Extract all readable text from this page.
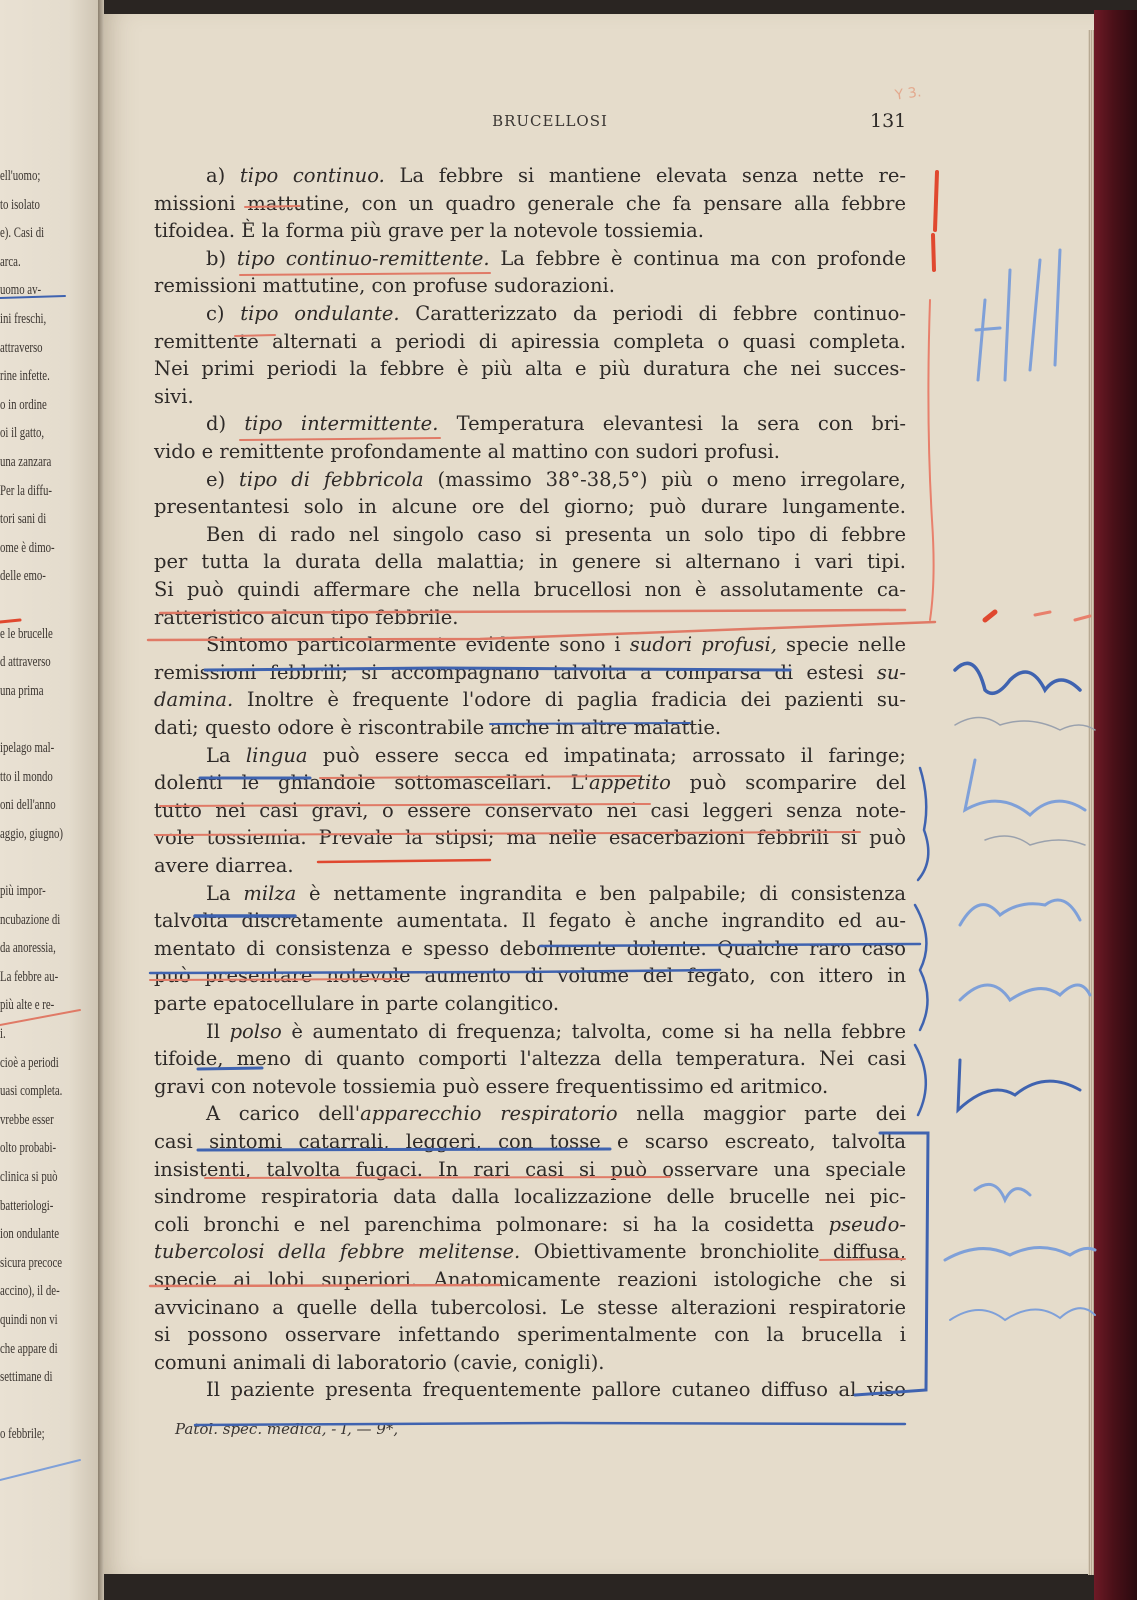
ell'uomo;
to isolato
e). Casi di
arca.
uomo av-
ini freschi,
attraverso
rine infette.
o in ordine
oi il gatto,
una zanzara
Per la diffu-
tori sani di
ome è dimo-
delle emo-
e le brucelle
d attraverso
una prima
ipelago mal-
tto il mondo
oni dell'anno
aggio, giugno)
più impor-
ncubazione di
da anoressia,
La febbre au-
più alte e re-
i.
cioè a periodi
uasi completa.
vrebbe esser
olto probabi-
clinica si può
batteriologi-
ion ondulante
sicura precoce
accino), il de-
quindi non vi
che appare di
settimane di
o febbrile;
BRUCELLOSI	131
Y 3.
a) tipo continuo. La febbre si mantiene elevata senza nette re-
missioni mattutine, con un quadro generale che fa pensare alla febbre
tifoidea. È la forma più grave per la notevole tossiemia.
b) tipo continuo-remittente. La febbre è continua ma con profonde
remissioni mattutine, con profuse sudorazioni.
c) tipo ondulante. Caratterizzato da periodi di febbre continuo-
remittente alternati a periodi di apiressia completa o quasi completa.
Nei primi periodi la febbre è più alta e più duratura che nei succes-
sivi.
d) tipo intermittente. Temperatura elevantesi la sera con bri-
vido e remittente profondamente al mattino con sudori profusi.
e) tipo di febbricola (massimo 38°-38,5°) più o meno irregolare,
presentantesi solo in alcune ore del giorno; può durare lungamente.
Ben di rado nel singolo caso si presenta un solo tipo di febbre
per tutta la durata della malattia; in genere si alternano i vari tipi.
Si può quindi affermare che nella brucellosi non è assolutamente ca-
ratteristico alcun tipo febbrile.
Sintomo particolarmente evidente sono i sudori profusi, specie nelle
remissioni febbrili; si accompagnano talvolta a comparsa di estesi su-
damina. Inoltre è frequente l'odore di paglia fradicia dei pazienti su-
dati; questo odore è riscontrabile anche in altre malattie.
La lingua può essere secca ed impatinata; arrossato il faringe;
dolenti le ghiandole sottomascellari. L'appetito può scomparire del
tutto nei casi gravi, o essere conservato nei casi leggeri senza note-
vole tossiemia. Prevale la stipsi; ma nelle esacerbazioni febbrili si può
avere diarrea.
La milza è nettamente ingrandita e ben palpabile; di consistenza
talvolta discretamente aumentata. Il fegato è anche ingrandito ed au-
mentato di consistenza e spesso debolmente dolente. Qualche raro caso
può presentare notevole aumento di volume del fegato, con ittero in
parte epatocellulare in parte colangitico.
Il polso è aumentato di frequenza; talvolta, come si ha nella febbre
tifoide, meno di quanto comporti l'altezza della temperatura. Nei casi
gravi con notevole tossiemia può essere frequentissimo ed aritmico.
A carico dell'apparecchio respiratorio nella maggior parte dei
casi sintomi catarrali, leggeri, con tosse e scarso escreato, talvolta
insistenti, talvolta fugaci. In rari casi si può osservare una speciale
sindrome respiratoria data dalla localizzazione delle brucelle nei pic-
coli bronchi e nel parenchima polmonare: si ha la cosidetta pseudo-
tubercolosi della febbre melitense. Obiettivamente bronchiolite diffusa,
specie ai lobi superiori. Anatomicamente reazioni istologiche che si
avvicinano a quelle della tubercolosi. Le stesse alterazioni respiratorie
si possono osservare infettando sperimentalmente con la brucella i
comuni animali di laboratorio (cavie, conigli).
Il paziente presenta frequentemente pallore cutaneo diffuso al viso
Patol. spec. medica, - I, — 9*,
